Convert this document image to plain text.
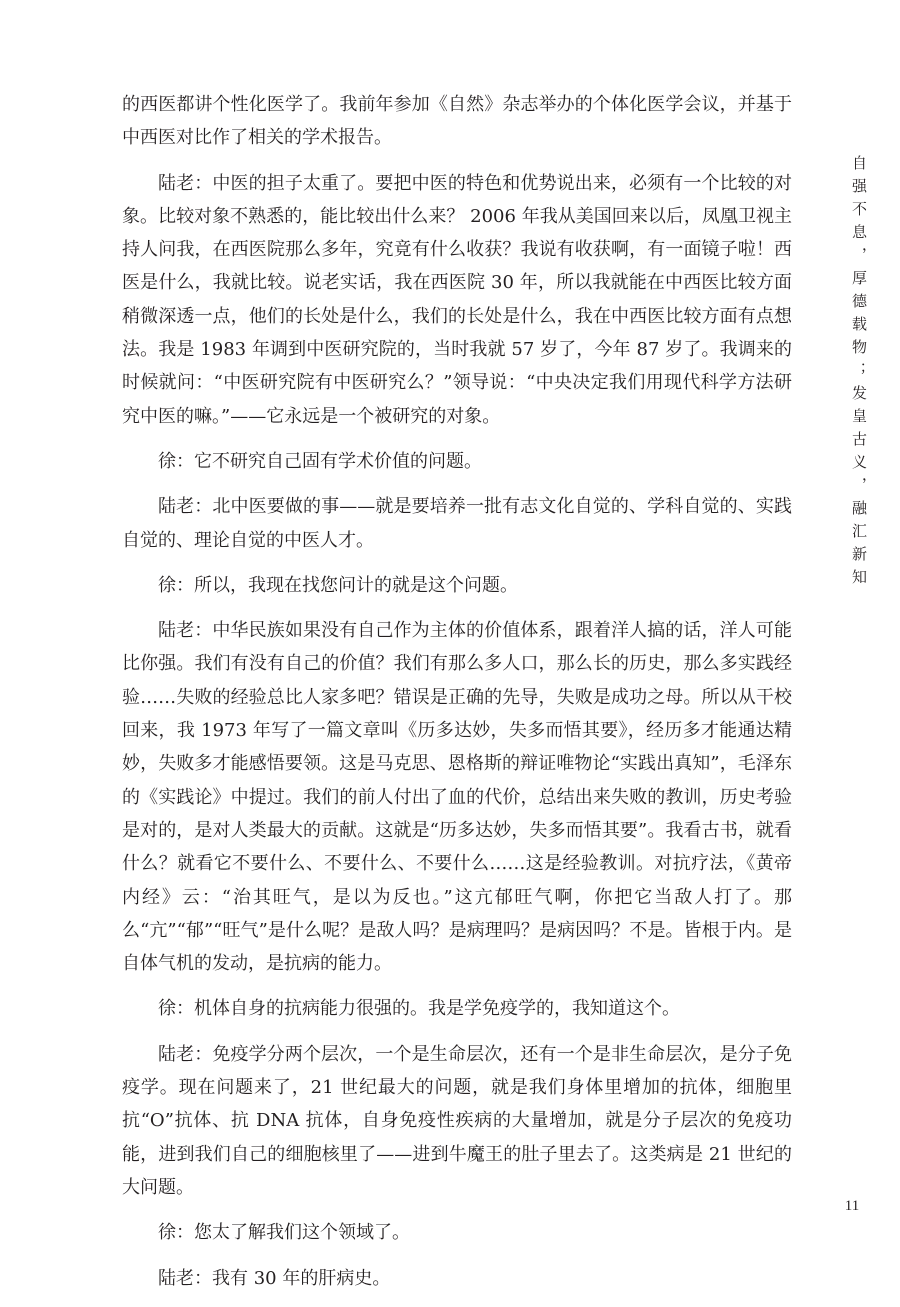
的西医都讲个性化医学了。我前年参加《自然》杂志举办的个体化医学会议，并基于中西医对比作了相关的学术报告。

陆老：中医的担子太重了。要把中医的特色和优势说出来，必须有一个比较的对象。比较对象不熟悉的，能比较出什么来？ 2006 年我从美国回来以后，凤凰卫视主持人问我，在西医院那么多年，究竟有什么收获？我说有收获啊，有一面镜子啦！西医是什么，我就比较。说老实话，我在西医院 30 年，所以我就能在中西医比较方面稍微深透一点，他们的长处是什么，我们的长处是什么，我在中西医比较方面有点想法。我是 1983 年调到中医研究院的，当时我就 57 岁了，今年 87 岁了。我调来的时候就问：“中医研究院有中医研究么？”领导说：“中央决定我们用现代科学方法研究中医的嘛。”——它永远是一个被研究的对象。

徐：它不研究自己固有学术价值的问题。

陆老：北中医要做的事——就是要培养一批有志文化自觉的、学科自觉的、实践自觉的、理论自觉的中医人才。

徐：所以，我现在找您问计的就是这个问题。

陆老：中华民族如果没有自己作为主体的价值体系，跟着洋人搞的话，洋人可能比你强。我们有没有自己的价值？我们有那么多人口，那么长的历史，那么多实践经验……失败的经验总比人家多吧？错误是正确的先导，失败是成功之母。所以从干校回来，我 1973 年写了一篇文章叫《历多达妙，失多而悟其要》，经历多才能通达精妙，失败多才能感悟要领。这是马克思、恩格斯的辩证唯物论“实践出真知”，毛泽东的《实践论》中提过。我们的前人付出了血的代价，总结出来失败的教训，历史考验是对的，是对人类最大的贡献。这就是“历多达妙，失多而悟其要”。我看古书，就看什么？就看它不要什么、不要什么、不要什么……这是经验教训。对抗疗法，《黄帝内经》云：“治其旺气，是以为反也。”这亢郁旺气啊，你把它当敌人打了。那么“亢”“郁”“旺气”是什么呢？是敌人吗？是病理吗？是病因吗？不是。皆根于内。是自体气机的发动，是抗病的能力。

徐：机体自身的抗病能力很强的。我是学免疫学的，我知道这个。

陆老：免疫学分两个层次，一个是生命层次，还有一个是非生命层次，是分子免疫学。现在问题来了，21 世纪最大的问题，就是我们身体里增加的抗体，细胞里抗“O”抗体、抗 DNA 抗体，自身免疫性疾病的大量增加，就是分子层次的免疫功能，进到我们自己的细胞核里了——进到牛魔王的肚子里去了。这类病是 21 世纪的大问题。

徐：您太了解我们这个领域了。

陆老：我有 30 年的肝病史。

自强不息，厚德载物；发皇古义，融汇新知
11
